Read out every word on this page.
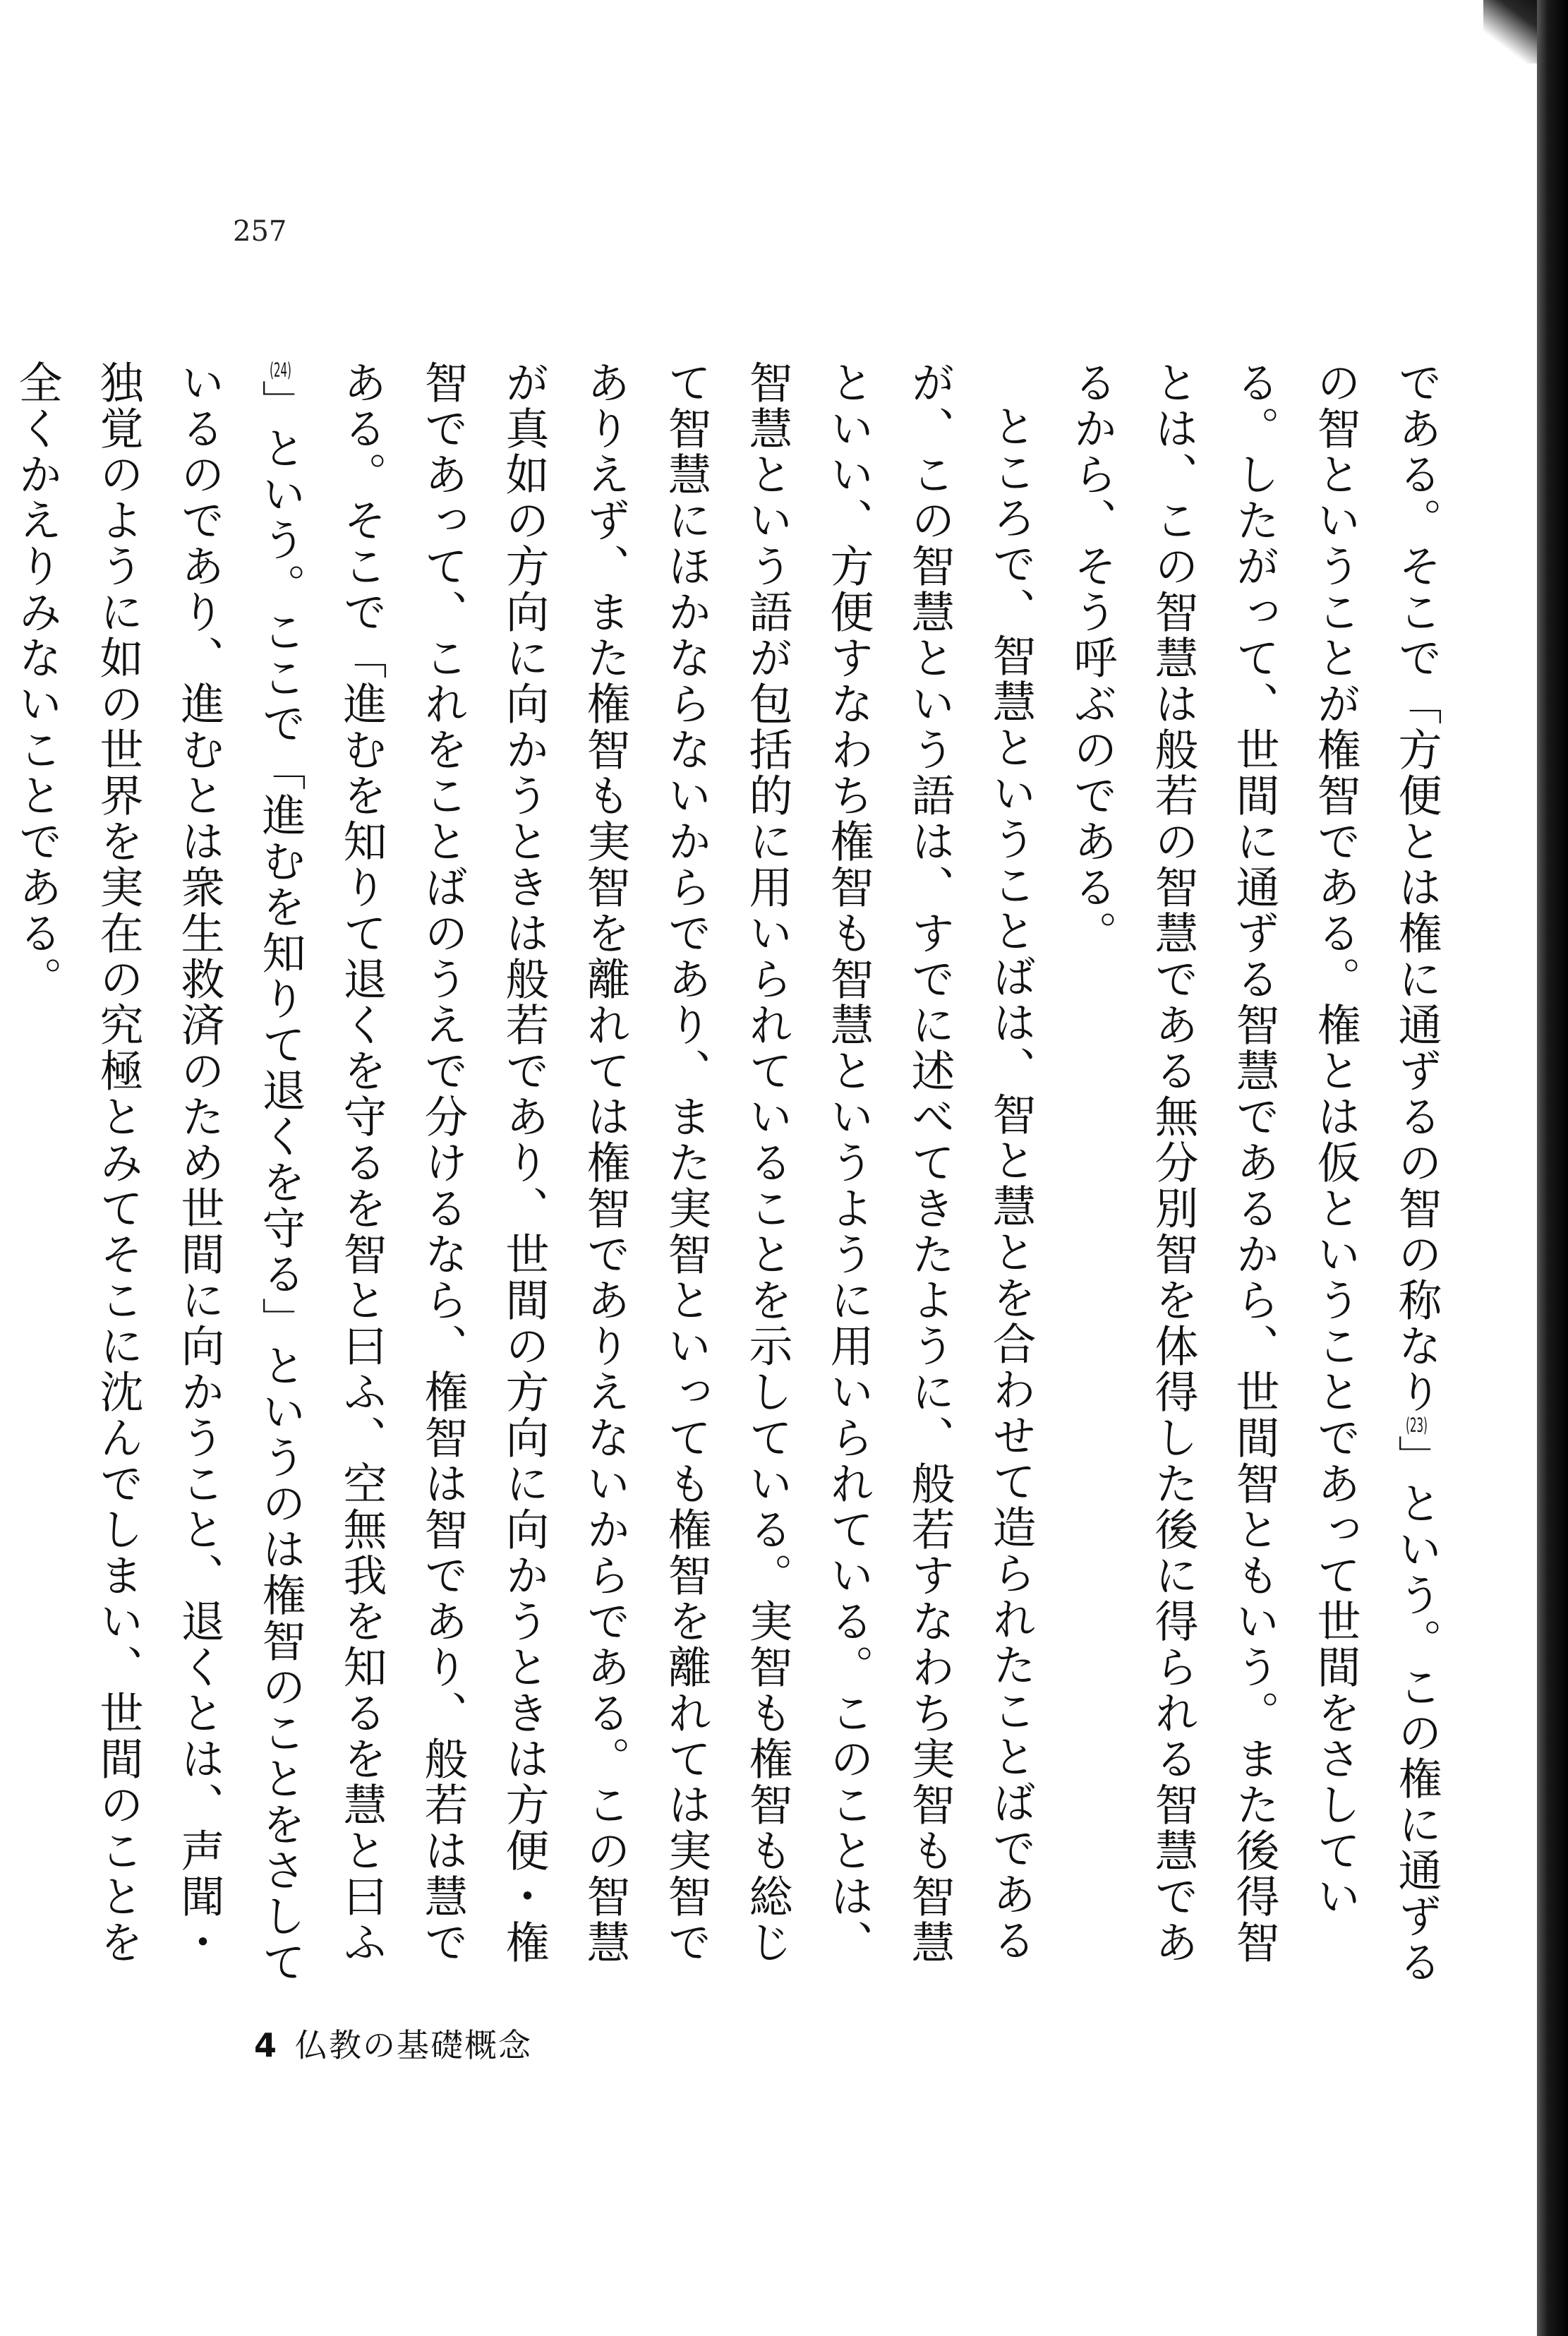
257

である。そこで「方便とは権に通ずるの智の称なり(23)」という。この権に通ずるの智ということが権智である。権とは仮ということであって世間をさしている。したがって、世間に通ずる智慧であるから、世間智ともいう。また後得智とは、この智慧は般若の智慧である無分別智を体得した後に得られる智慧であるから、そう呼ぶのである。

ところで、智慧ということばは、智と慧とを合わせて造られたことばであるが、この智慧という語は、すでに述べてきたように、般若すなわち実智も智慧といい、方便すなわち権智も智慧というように用いられている。このことは、智慧という語が包括的に用いられていることを示している。実智も権智も総じて智慧にほかならないからであり、また実智といっても権智を離れては実智でありえず、また権智も実智を離れては権智でありえないからである。この智慧が真如の方向に向かうときは般若であり、世間の方向に向かうときは方便・権智であって、これをことばのうえで分けるなら、権智は智であり、般若は慧である。そこで「進むを知りて退くを守るを智と曰ふ、空無我を知るを慧と曰ふ(24)」という。ここで「進むを知りて退くを守る」というのは権智のことをさしているのであり、進むとは衆生救済のため世間に向かうこと、退くとは、声聞・独覚のように如の世界を実在の究極とみてそこに沈んでしまい、世間のことを全くかえりみないことである。

4 仏教の基礎概念
